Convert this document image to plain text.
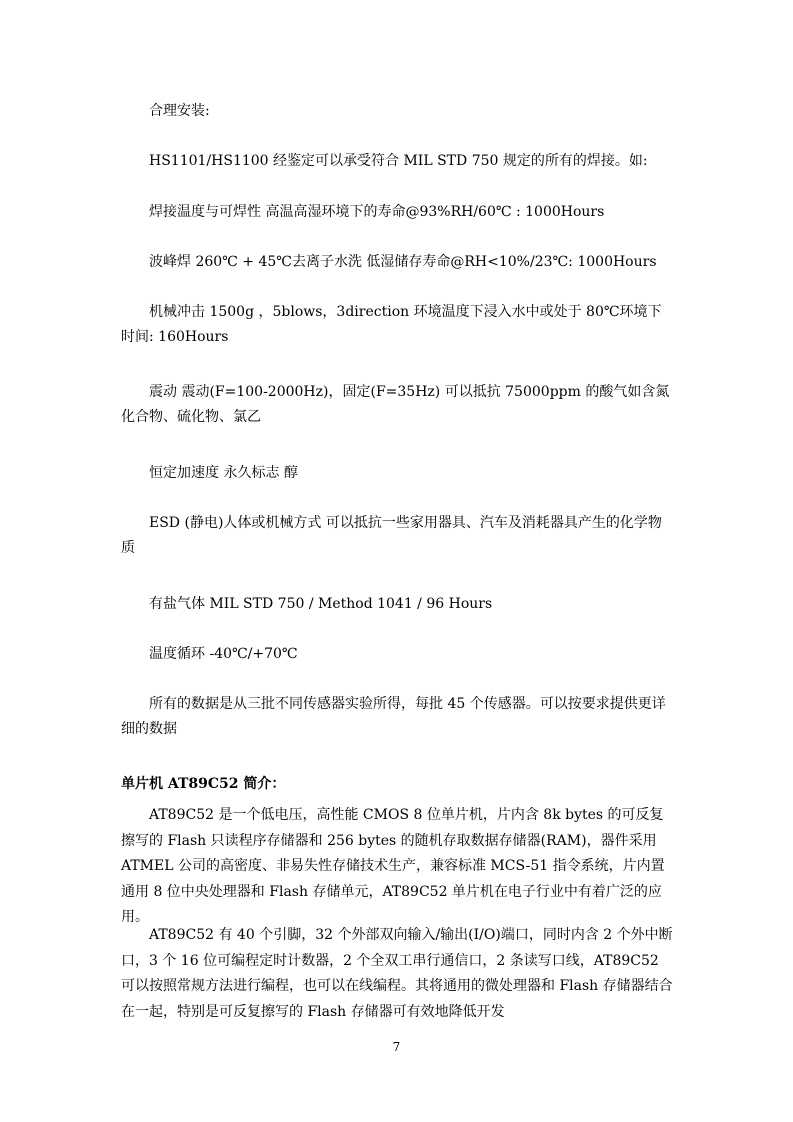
合理安装:

HS1101/HS1100 经鉴定可以承受符合 MIL STD 750 规定的所有的焊接。如:

焊接温度与可焊性 高温高湿环境下的寿命@93%RH/60℃ : 1000Hours

波峰焊 260℃ + 45℃去离子水洗 低湿储存寿命@RH<10%/23℃: 1000Hours

机械冲击 1500g ，5blows，3direction 环境温度下浸入水中或处于 80℃环境下时间: 160Hours

震动 震动(F=100-2000Hz)，固定(F=35Hz) 可以抵抗 75000ppm 的酸气如含氮化合物、硫化物、氯乙

恒定加速度 永久标志 醇

ESD (静电)人体或机械方式 可以抵抗一些家用器具、汽车及消耗器具产生的化学物质

有盐气体 MIL STD 750 / Method 1041 / 96 Hours

温度循环 -40℃/+70℃

所有的数据是从三批不同传感器实验所得，每批 45 个传感器。可以按要求提供更详细的数据

单片机 AT89C52 简介：

AT89C52 是一个低电压，高性能 CMOS 8 位单片机，片内含 8k bytes 的可反复擦写的 Flash 只读程序存储器和 256 bytes 的随机存取数据存储器(RAM)，器件采用 ATMEL 公司的高密度、非易失性存储技术生产，兼容标准 MCS-51 指令系统，片内置通用 8 位中央处理器和 Flash 存储单元，AT89C52 单片机在电子行业中有着广泛的应用。

AT89C52 有 40 个引脚，32 个外部双向输入/输出(I/O)端口，同时内含 2 个外中断口，3 个 16 位可编程定时计数器，2 个全双工串行通信口，2 条读写口线，AT89C52 可以按照常规方法进行编程，也可以在线编程。其将通用的微处理器和 Flash 存储器结合在一起，特别是可反复擦写的 Flash 存储器可有效地降低开发

7
